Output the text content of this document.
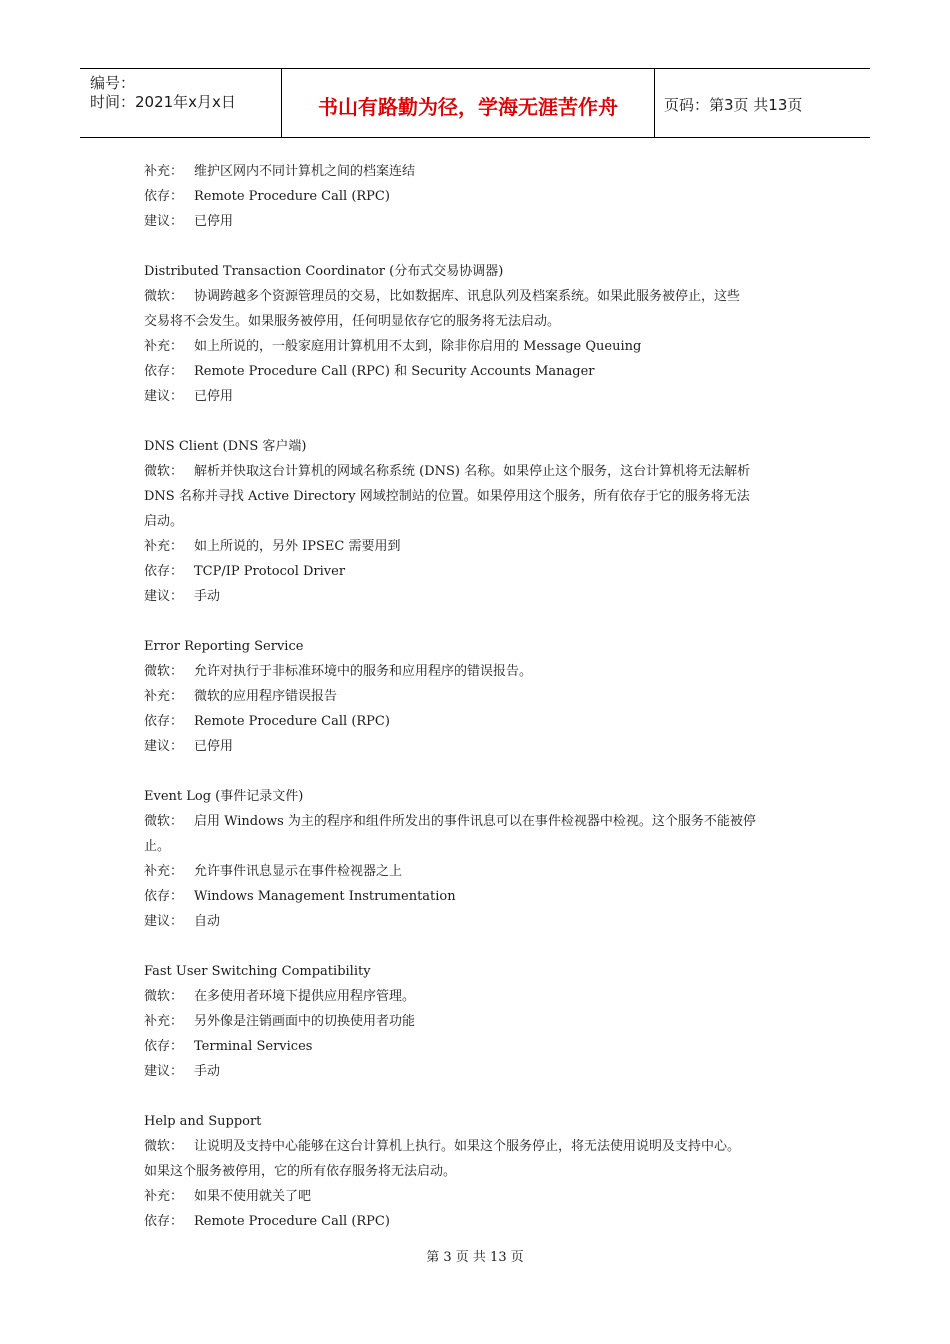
编号：
时间：2021年x月x日	书山有路勤为径，学海无涯苦作舟	页码：第3页 共13页
补充： 维护区网内不同计算机之间的档案连结
依存： Remote Procedure Call (RPC)
建议： 已停用
Distributed Transaction Coordinator (分布式交易协调器)
微软： 协调跨越多个资源管理员的交易，比如数据库、讯息队列及档案系统。如果此服务被停止，这些
交易将不会发生。如果服务被停用，任何明显依存它的服务将无法启动。
补充： 如上所说的，一般家庭用计算机用不太到，除非你启用的 Message Queuing
依存： Remote Procedure Call (RPC) 和 Security Accounts Manager
建议： 已停用
DNS Client (DNS 客户端)
微软： 解析并快取这台计算机的网域名称系统 (DNS) 名称。如果停止这个服务，这台计算机将无法解析
DNS 名称并寻找 Active Directory 网域控制站的位置。如果停用这个服务，所有依存于它的服务将无法
启动。
补充： 如上所说的，另外 IPSEC 需要用到
依存： TCP/IP Protocol Driver
建议： 手动
Error Reporting Service
微软： 允许对执行于非标准环境中的服务和应用程序的错误报告。
补充： 微软的应用程序错误报告
依存： Remote Procedure Call (RPC)
建议： 已停用
Event Log (事件记录文件)
微软： 启用 Windows 为主的程序和组件所发出的事件讯息可以在事件检视器中检视。这个服务不能被停
止。
补充： 允许事件讯息显示在事件检视器之上
依存： Windows Management Instrumentation
建议： 自动
Fast User Switching Compatibility
微软： 在多使用者环境下提供应用程序管理。
补充： 另外像是注销画面中的切换使用者功能
依存： Terminal Services
建议： 手动
Help and Support
微软： 让说明及支持中心能够在这台计算机上执行。如果这个服务停止，将无法使用说明及支持中心。
如果这个服务被停用，它的所有依存服务将无法启动。
补充： 如果不使用就关了吧
依存： Remote Procedure Call (RPC)
第 3 页 共 13 页
